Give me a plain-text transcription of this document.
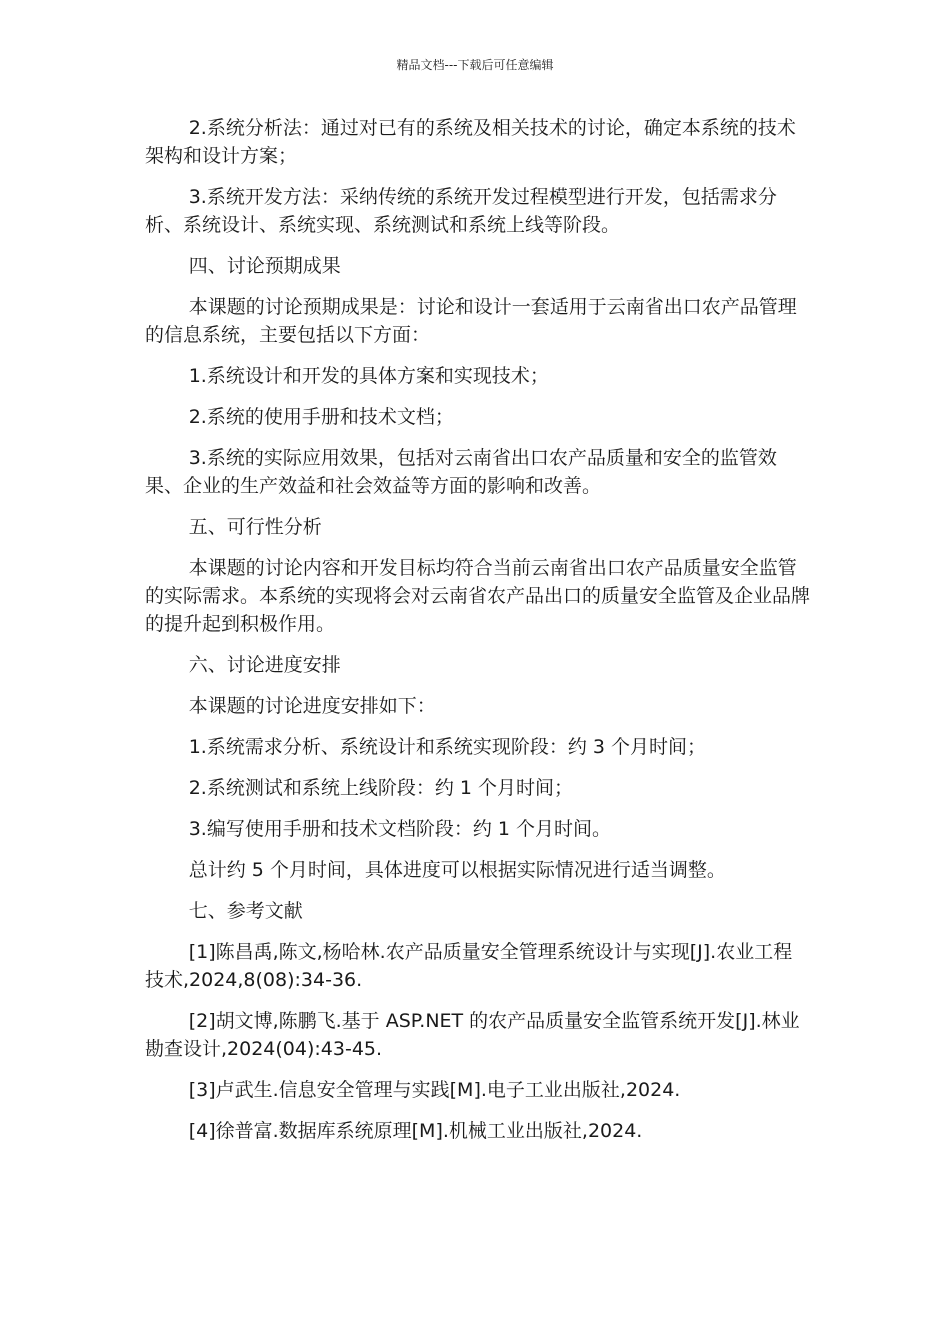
精品文档---下载后可任意编辑

2.系统分析法：通过对已有的系统及相关技术的讨论，确定本系统的技术架构和设计方案；

3.系统开发方法：采纳传统的系统开发过程模型进行开发，包括需求分析、系统设计、系统实现、系统测试和系统上线等阶段。

四、讨论预期成果

本课题的讨论预期成果是：讨论和设计一套适用于云南省出口农产品管理的信息系统，主要包括以下方面：

1.系统设计和开发的具体方案和实现技术；

2.系统的使用手册和技术文档；

3.系统的实际应用效果，包括对云南省出口农产品质量和安全的监管效果、企业的生产效益和社会效益等方面的影响和改善。

五、可行性分析

本课题的讨论内容和开发目标均符合当前云南省出口农产品质量安全监管的实际需求。本系统的实现将会对云南省农产品出口的质量安全监管及企业品牌的提升起到积极作用。

六、讨论进度安排

本课题的讨论进度安排如下：

1.系统需求分析、系统设计和系统实现阶段：约 3 个月时间；

2.系统测试和系统上线阶段：约 1 个月时间；

3.编写使用手册和技术文档阶段：约 1 个月时间。

总计约 5 个月时间，具体进度可以根据实际情况进行适当调整。

七、参考文献

[1]陈昌禹,陈文,杨哈林.农产品质量安全管理系统设计与实现[J].农业工程技术,2024,8(08):34-36.

[2]胡文博,陈鹏飞.基于 ASP.NET 的农产品质量安全监管系统开发[J].林业勘查设计,2024(04):43-45.

[3]卢武生.信息安全管理与实践[M].电子工业出版社,2024.

[4]徐普富.数据库系统原理[M].机械工业出版社,2024.
